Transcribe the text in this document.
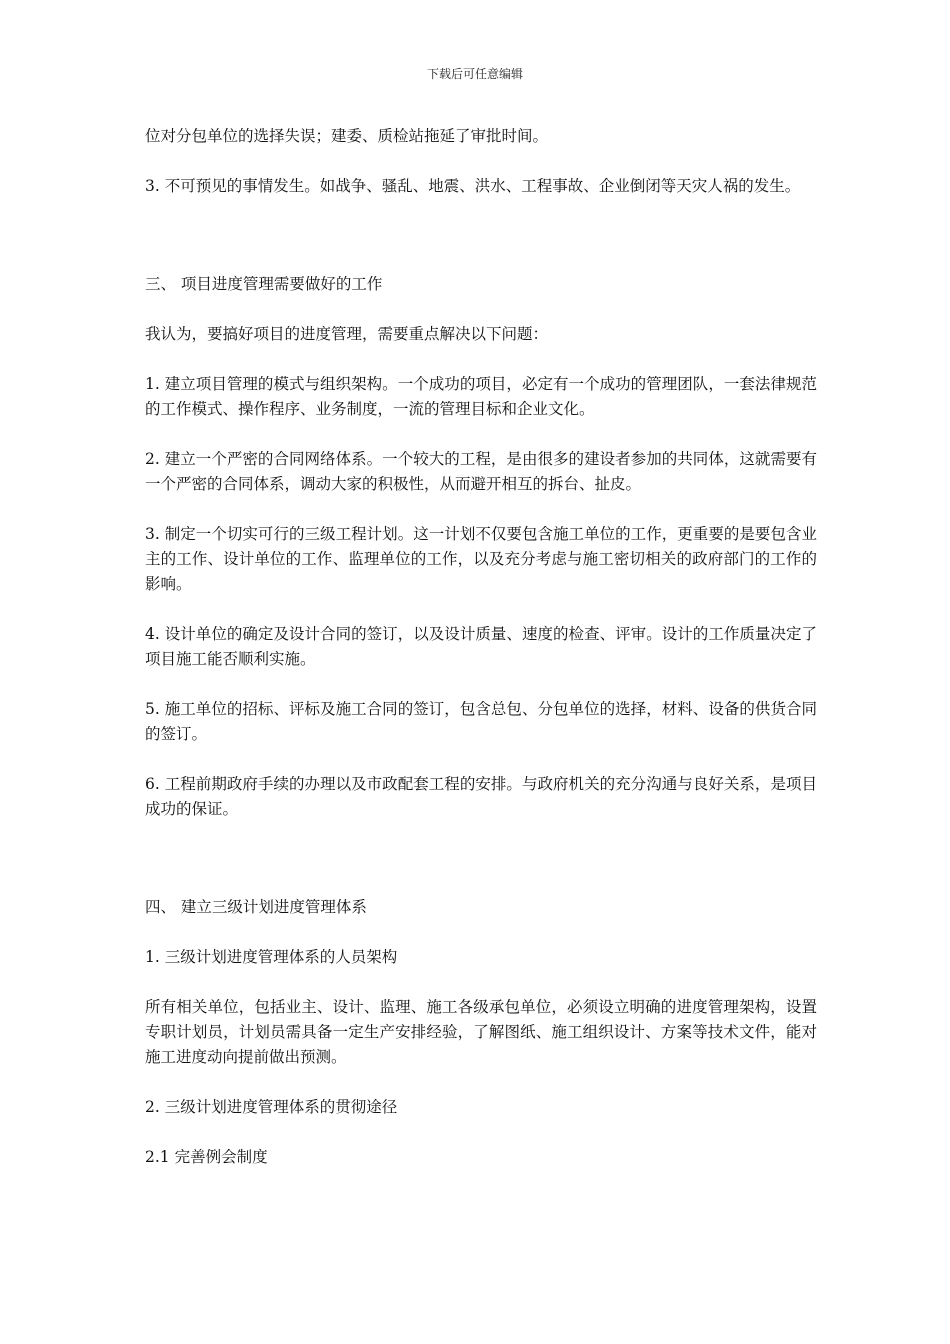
下载后可任意编辑

位对分包单位的选择失误；建委、质检站拖延了审批时间。

3. 不可预见的事情发生。如战争、骚乱、地震、洪水、工程事故、企业倒闭等天灾人祸的发生。

三、 项目进度管理需要做好的工作

我认为，要搞好项目的进度管理，需要重点解决以下问题：

1. 建立项目管理的模式与组织架构。一个成功的项目，必定有一个成功的管理团队，一套法律规范的工作模式、操作程序、业务制度，一流的管理目标和企业文化。

2. 建立一个严密的合同网络体系。一个较大的工程，是由很多的建设者参加的共同体，这就需要有一个严密的合同体系，调动大家的积极性，从而避开相互的拆台、扯皮。

3. 制定一个切实可行的三级工程计划。这一计划不仅要包含施工单位的工作，更重要的是要包含业主的工作、设计单位的工作、监理单位的工作，以及充分考虑与施工密切相关的政府部门的工作的影响。

4. 设计单位的确定及设计合同的签订，以及设计质量、速度的检查、评审。设计的工作质量决定了项目施工能否顺利实施。

5. 施工单位的招标、评标及施工合同的签订，包含总包、分包单位的选择，材料、设备的供货合同的签订。

6. 工程前期政府手续的办理以及市政配套工程的安排。与政府机关的充分沟通与良好关系，是项目成功的保证。

四、 建立三级计划进度管理体系

1. 三级计划进度管理体系的人员架构

所有相关单位，包括业主、设计、监理、施工各级承包单位，必须设立明确的进度管理架构，设置专职计划员，计划员需具备一定生产安排经验，了解图纸、施工组织设计、方案等技术文件，能对施工进度动向提前做出预测。

2. 三级计划进度管理体系的贯彻途径

2.1 完善例会制度
